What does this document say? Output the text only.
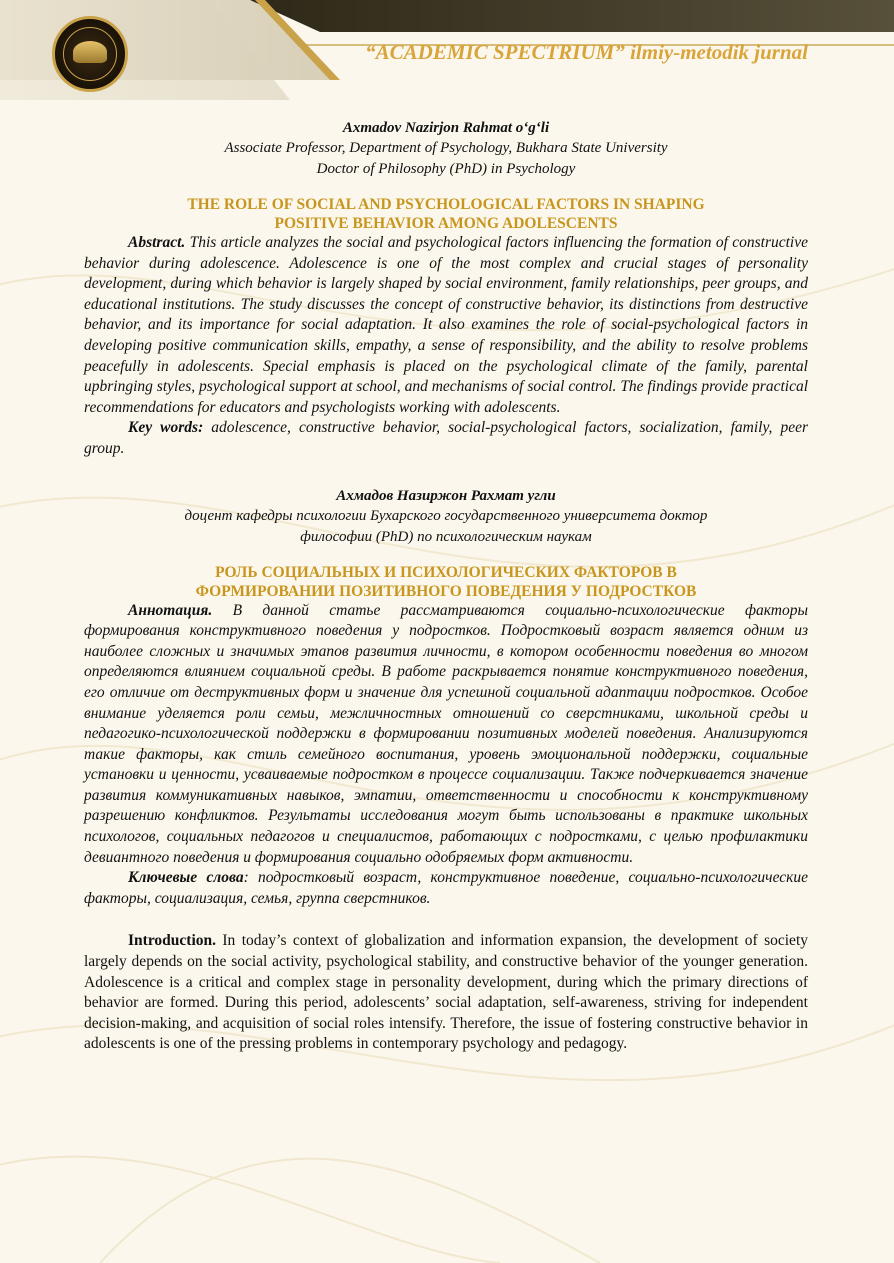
“ACADEMIC SPECTRIUM” ilmiy-metodik jurnal
Axmadov Nazirjon Rahmat o‘g‘li
Associate Professor, Department of Psychology, Bukhara State University
Doctor of Philosophy (PhD) in Psychology
THE ROLE OF SOCIAL AND PSYCHOLOGICAL FACTORS IN SHAPING
POSITIVE BEHAVIOR AMONG ADOLESCENTS

Abstract. This article analyzes the social and psychological factors influencing the formation of constructive behavior during adolescence. Adolescence is one of the most complex and crucial stages of personality development, during which behavior is largely shaped by social environment, family relationships, peer groups, and educational institutions. The study discusses the concept of constructive behavior, its distinctions from destructive behavior, and its importance for social adaptation. It also examines the role of social-psychological factors in developing positive communication skills, empathy, a sense of responsibility, and the ability to resolve problems peacefully in adolescents. Special emphasis is placed on the psychological climate of the family, parental upbringing styles, psychological support at school, and mechanisms of social control. The findings provide practical recommendations for educators and psychologists working with adolescents.

Key words: adolescence, constructive behavior, social-psychological factors, socialization, family, peer group.

Ахмадов Назиржон Рахмат угли
доцент кафедры психологии Бухарского государственного университета доктор
философии (PhD) по психологическим наукам
РОЛЬ СОЦИАЛЬНЫХ И ПСИХОЛОГИЧЕСКИХ ФАКТОРОВ В
ФОРМИРОВАНИИ ПОЗИТИВНОГО ПОВЕДЕНИЯ У ПОДРОСТКОВ

Аннотация. В данной статье рассматриваются социально-психологические факторы формирования конструктивного поведения у подростков. Подростковый возраст является одним из наиболее сложных и значимых этапов развития личности, в котором особенности поведения во многом определяются влиянием социальной среды. В работе раскрывается понятие конструктивного поведения, его отличие от деструктивных форм и значение для успешной социальной адаптации подростков. Особое внимание уделяется роли семьи, межличностных отношений со сверстниками, школьной среды и педагогико-психологической поддержки в формировании позитивных моделей поведения. Анализируются такие факторы, как стиль семейного воспитания, уровень эмоциональной поддержки, социальные установки и ценности, усваиваемые подростком в процессе социализации. Также подчеркивается значение развития коммуникативных навыков, эмпатии, ответственности и способности к конструктивному разрешению конфликтов. Результаты исследования могут быть использованы в практике школьных психологов, социальных педагогов и специалистов, работающих с подростками, с целью профилактики девиантного поведения и формирования социально одобряемых форм активности.

Ключевые слова: подростковый возраст, конструктивное поведение, социально-психологические факторы, социализация, семья, группа сверстников.

Introduction. In today’s context of globalization and information expansion, the development of society largely depends on the social activity, psychological stability, and constructive behavior of the younger generation. Adolescence is a critical and complex stage in personality development, during which the primary directions of behavior are formed. During this period, adolescents’ social adaptation, self-awareness, striving for independent decision-making, and acquisition of social roles intensify. Therefore, the issue of fostering constructive behavior in adolescents is one of the pressing problems in contemporary psychology and pedagogy.
